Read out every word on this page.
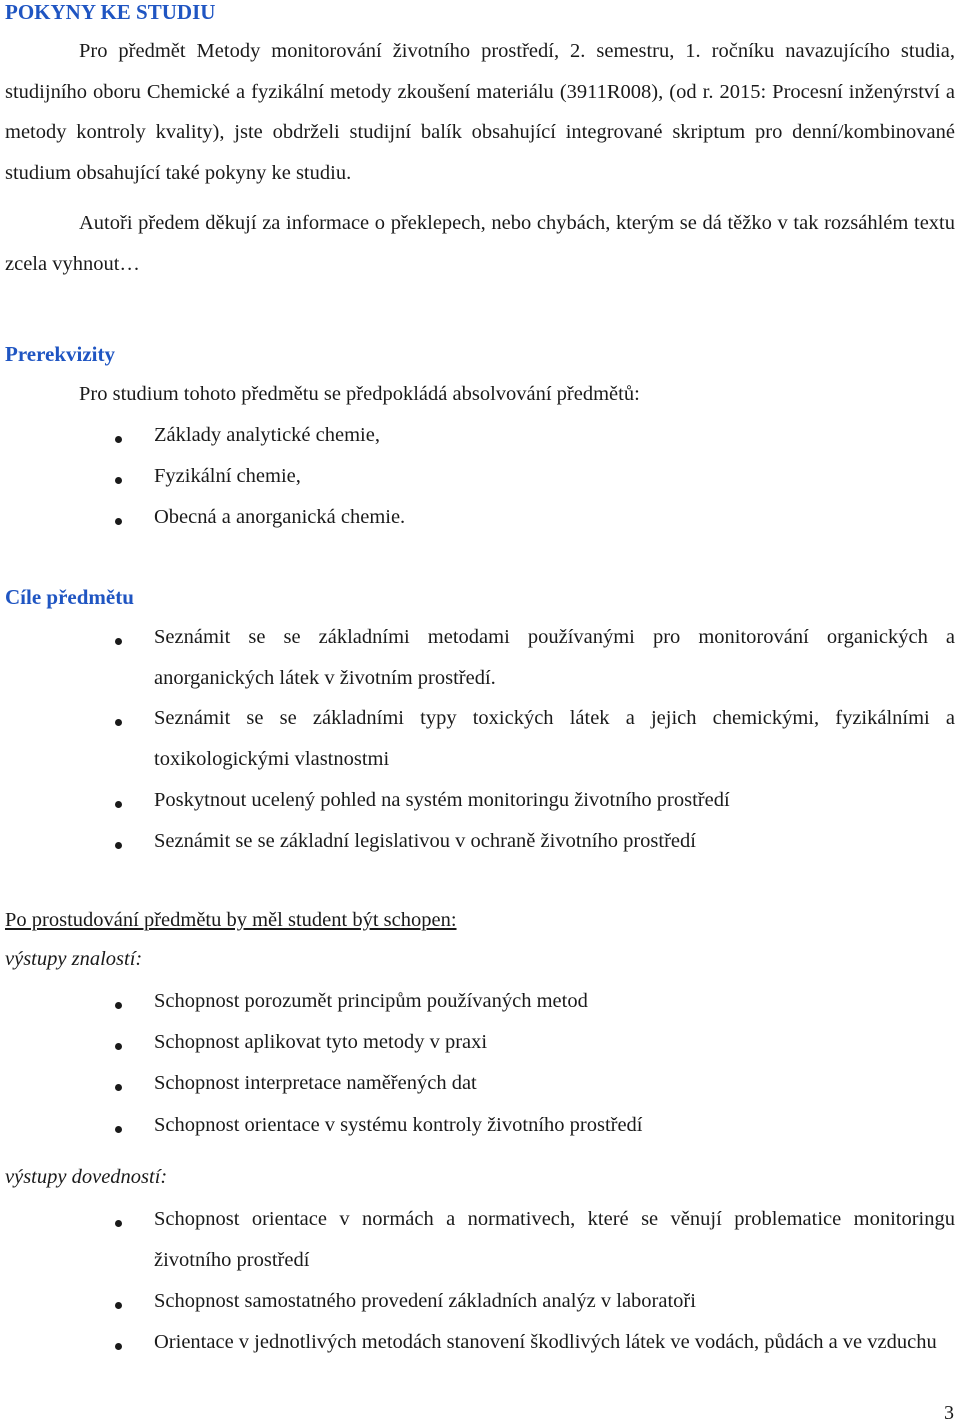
POKYNY KE STUDIU

Pro předmět Metody monitorování životního prostředí, 2. semestru, 1. ročníku navazujícího studia, studijního oboru Chemické a fyzikální metody zkoušení materiálu (3911R008), (od r. 2015: Procesní inženýrství a metody kontroly kvality), jste obdrželi studijní balík obsahující integrované skriptum pro denní/kombinované studium obsahující také pokyny ke studiu.

Autoři předem děkují za informace o překlepech, nebo chybách, kterým se dá těžko v tak rozsáhlém textu zcela vyhnout…

Prerekvizity
Pro studium tohoto předmětu se předpokládá absolvování předmětů:
Základy analytické chemie,
Fyzikální chemie,
Obecná a anorganická chemie.
Cíle předmětu
Seznámit se se základními metodami používanými pro monitorování organických a anorganických látek v životním prostředí.
Seznámit se se základními typy toxických látek a jejich chemickými, fyzikálními a toxikologickými vlastnostmi
Poskytnout ucelený pohled na systém monitoringu životního prostředí
Seznámit se se základní legislativou v ochraně životního prostředí
Po prostudování předmětu by měl student být schopen:
výstupy znalostí:
Schopnost porozumět principům používaných metod
Schopnost aplikovat tyto metody v praxi
Schopnost interpretace naměřených dat
Schopnost orientace v systému kontroly životního prostředí
výstupy dovedností:
Schopnost orientace v normách a normativech, které se věnují problematice monitoringu životního prostředí
Schopnost samostatného provedení základních analýz v laboratoři
Orientace v jednotlivých metodách stanovení škodlivých látek ve vodách, půdách a ve vzduchu
3
